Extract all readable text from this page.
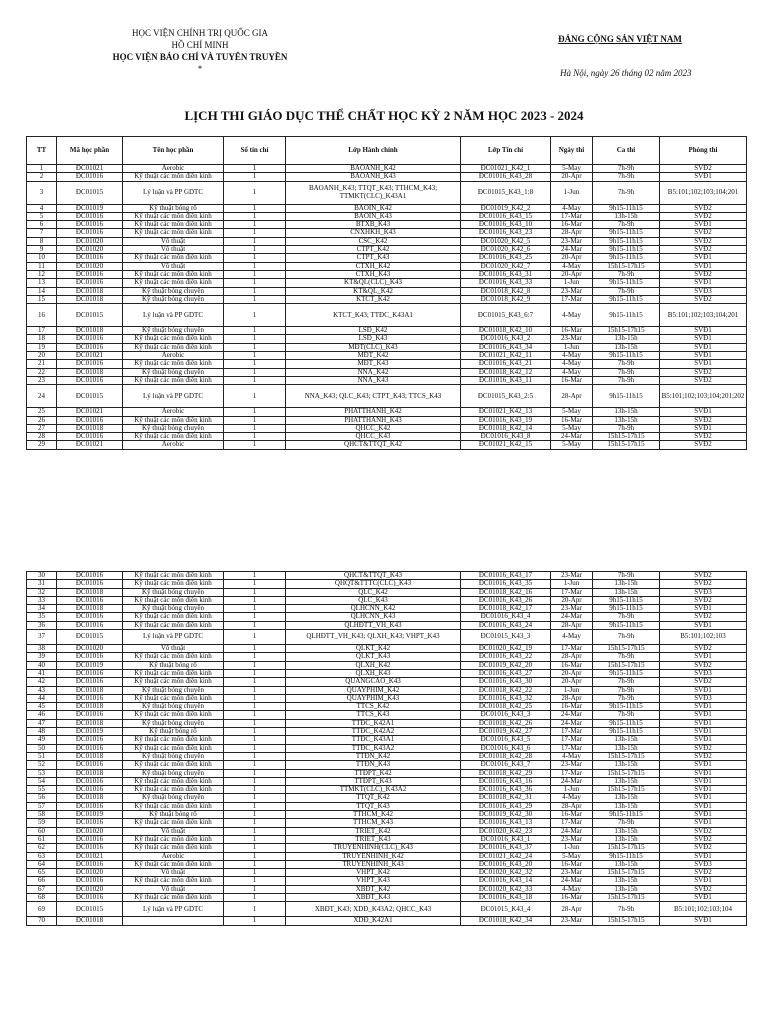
HỌC VIỆN CHÍNH TRỊ QUỐC GIA
HỒ CHÍ MINH
HỌC VIỆN BÁO CHÍ VÀ TUYÊN TRUYỀN
*
ĐẢNG CỘNG SẢN VIỆT NAM
Hà Nội, ngày 26 tháng 02 năm 2023
LỊCH THI GIÁO DỤC THỂ CHẤT HỌC KỲ 2 NĂM HỌC 2023 - 2024
TT	Mã học phần	Tên học phần	Số tín chỉ	Lớp Hành chính	Lớp Tín chỉ	Ngày thi	Ca thi	Phòng thi
1	ĐC01021	Aerobic	1	BAOANH_K42	ĐC01021_K42_1	5-May	7h-9h	SVĐ2
2	ĐC01016	Kỹ thuật các môn điền kinh	1	BAOANH_K43	ĐC01016_K43_28	20-Apr	7h-9h	SVĐ1
3	ĐC01015	Lý luận và PP GDTC	1	BAOANH_K43; TTQT_K43; TTHCM_K43; TTMKT(CLC)_K43A1	ĐC01015_K43_1:8	1-Jun	7h-9h	B5:101;102;103;104;201
4	ĐC01019	Kỹ thuật bóng rổ	1	BAOIN_K42	ĐC01019_K42_2	4-May	9h15-11h15	SVĐ2
5	ĐC01016	Kỹ thuật các môn điền kinh	1	BAOIN_K43	ĐC01016_K43_15	17-Mar	13h-15h	SVĐ2
6	ĐC01016	Kỹ thuật các môn điền kinh	1	BTXB_K43	ĐC01016_K43_10	16-Mar	7h-9h	SVĐ1
7	ĐC01016	Kỹ thuật các môn điền kinh	1	CNXHKH_K43	ĐC01016_K43_23	28-Apr	9h15-11h15	SVĐ2
8	ĐC01020	Võ thuật	1	CSC_K42	ĐC01020_K42_5	23-Mar	9h15-11h15	SVĐ2
9	ĐC01020	Võ thuật	1	CTPT_K42	ĐC01020_K42_6	24-Mar	9h15-11h15	SVĐ2
10	ĐC01016	Kỹ thuật các môn điền kinh	1	CTPT_K43	ĐC01016_K43_25	20-Apr	9h15-11h15	SVĐ1
11	ĐC01020	Võ thuật	1	CTXH_K42	ĐC01020_K42_7	4-May	15h15-17h15	SVĐ1
12	ĐC01016	Kỹ thuật các môn điền kinh	1	CTXH_K43	ĐC01016_K43_31	20-Apr	7h-9h	SVĐ2
13	ĐC01016	Kỹ thuật các môn điền kinh	1	KT&QL(CLC)_K43	ĐC01016_K43_33	1-Jun	9h15-11h15	SVĐ1
14	ĐC01018	Kỹ thuật bóng chuyền	1	KT&QL_K42	ĐC01018_K42_8	23-Mar	7h-9h	SVĐ3
15	ĐC01018	Kỹ thuật bóng chuyền	1	KTCT_K42	ĐC01018_K42_9	17-Mar	9h15-11h15	SVĐ2
16	ĐC01015	Lý luận và PP GDTC	1	KTCT_K43; TTĐC_K43A1	ĐC01015_K43_6:7	4-May	9h15-11h15	B5:101;102;103;104;201
17	ĐC01018	Kỹ thuật bóng chuyền	1	LSĐ_K42	ĐC01018_K42_10	16-Mar	15h15-17h15	SVĐ1
18	ĐC01016	Kỹ thuật các môn điền kinh	1	LSĐ_K43	ĐC01016_K43_2	23-Mar	13h-15h	SVĐ1
19	ĐC01016	Kỹ thuật các môn điền kinh	1	MĐT(CLC)_K43	ĐC01016_K43_34	1-Jun	13h-15h	SVĐ1
20	ĐC01021	Aerobic	1	MĐT_K42	ĐC01021_K42_11	4-May	9h15-11h15	SVĐ1
21	ĐC01016	Kỹ thuật các môn điền kinh	1	MĐT_K43	ĐC01016_K43_21	4-May	7h-9h	SVĐ1
22	ĐC01018	Kỹ thuật bóng chuyền	1	NNA_K42	ĐC01018_K42_12	4-May	7h-9h	SVĐ2
23	ĐC01016	Kỹ thuật các môn điền kinh	1	NNA_K43	ĐC01016_K43_11	16-Mar	7h-9h	SVĐ2
24	ĐC01015	Lý luận và PP GDTC	1	NNA_K43; QLC_K43; CTPT_K43; TTCS_K43	ĐC01015_K43_2:5	28-Apr	9h15-11h15	B5:101;102;103;104;201;202
25	ĐC01021	Aerobic	1	PHATTHANH_K42	ĐC01021_K42_13	5-May	13h-15h	SVĐ1
26	ĐC01016	Kỹ thuật các môn điền kinh	1	PHATTHANH_K43	ĐC01016_K43_19	16-Mar	13h-15h	SVĐ2
27	ĐC01018	Kỹ thuật bóng chuyền	1	QHCC_K42	ĐC01018_K42_14	5-May	7h-9h	SVĐ1
28	ĐC01016	Kỹ thuật các môn điền kinh	1	QHCC_K43	ĐC01016_K43_8	24-Mar	15h15-17h15	SVĐ2
29	ĐC01021	Aerobic	1	QHCT&TTQT_K42	ĐC01021_K42_15	5-May	15h15-17h15	SVĐ2
30	ĐC01016	Kỹ thuật các môn điền kinh	1	QHCT&TTQT_K43	ĐC01016_K43_17	23-Mar	7h-9h	SVĐ2
31	ĐC01016	Kỹ thuật các môn điền kinh	1	QHQT&TTTC(CLC)_K43	ĐC01016_K43_35	1-Jun	13h-15h	SVĐ2
32	ĐC01018	Kỹ thuật bóng chuyền	1	QLC_K42	ĐC01018_K42_16	17-Mar	13h-15h	SVĐ3
33	ĐC01016	Kỹ thuật các môn điền kinh	1	QLC_K43	ĐC01016_K43_26	20-Apr	9h15-11h15	SVĐ2
34	ĐC01018	Kỹ thuật bóng chuyền	1	QLHCNN_K42	ĐC01018_K42_17	23-Mar	9h15-11h15	SVĐ1
35	ĐC01016	Kỹ thuật các môn điền kinh	1	QLHCNN_K43	ĐC01016_K43_4	24-Mar	7h-9h	SVĐ2
36	ĐC01016	Kỹ thuật các môn điền kinh	1	QLHĐTT_VH_K43	ĐC01016_K43_24	28-Apr	9h15-11h15	SVĐ1
37	ĐC01015	Lý luận và PP GDTC	1	QLHĐTT_VH_K43; QLXH_K43; VHPT_K43	ĐC01015_K43_3	4-May	7h-9h	B5:101;102;103
38	ĐC01020	Võ thuật	1	QLKT_K42	ĐC01020_K42_19	17-Mar	15h15-17h15	SVĐ2
39	ĐC01016	Kỹ thuật các môn điền kinh	1	QLKT_K43	ĐC01016_K43_22	28-Apr	7h-9h	SVĐ1
40	ĐC01019	Kỹ thuật bóng rổ	1	QLXH_K42	ĐC01019_K42_20	16-Mar	15h15-17h15	SVĐ2
41	ĐC01016	Kỹ thuật các môn điền kinh	1	QLXH_K43	ĐC01016_K43_27	20-Apr	9h15-11h15	SVĐ3
42	ĐC01016	Kỹ thuật các môn điền kinh	1	QUANGCAO_K43	ĐC01016_K43_30	20-Apr	7h-9h	SVĐ2
43	ĐC01018	Kỹ thuật bóng chuyền	1	QUAYPHIM_K42	ĐC01018_K42_22	1-Jun	7h-9h	SVĐ1
44	ĐC01016	Kỹ thuật các môn điền kinh	1	QUAYPHIM_K43	ĐC01016_K43_32	28-Apr	7h-9h	SVĐ3
45	ĐC01018	Kỹ thuật bóng chuyền	1	TTCS_K42	ĐC01018_K42_25	16-Mar	9h15-11h15	SVĐ1
46	ĐC01016	Kỹ thuật các môn điền kinh	1	TTCS_K43	ĐC01016_K43_3	24-Mar	7h-9h	SVĐ1
47	ĐC01018	Kỹ thuật bóng chuyền	1	TTĐC_K42A1	ĐC01018_K42_26	24-Mar	9h15-11h15	SVĐ1
48	ĐC01019	Kỹ thuật bóng rổ	1	TTĐC_K42A2	ĐC01019_K42_27	17-Mar	9h15-11h15	SVĐ1
49	ĐC01016	Kỹ thuật các môn điền kinh	1	TTĐC_K43A1	ĐC01016_K43_5	17-Mar	13h-15h	SVĐ1
50	ĐC01016	Kỹ thuật các môn điền kinh	1	TTĐC_K43A2	ĐC01016_K43_6	17-Mar	13h-15h	SVĐ2
51	ĐC01018	Kỹ thuật bóng chuyền	1	TTĐN_K42	ĐC01018_K42_28	4-May	15h15-17h15	SVĐ2
52	ĐC01016	Kỹ thuật các môn điền kinh	1	TTĐN_K43	ĐC01016_K43_7	23-Mar	13h-15h	SVĐ1
53	ĐC01018	Kỹ thuật bóng chuyền	1	TTĐPT_K42	ĐC01018_K42_29	17-Mar	15h15-17h15	SVĐ1
54	ĐC01016	Kỹ thuật các môn điền kinh	1	TTĐPT_K43	ĐC01016_K43_16	24-Mar	13h-15h	SVĐ1
55	ĐC01016	Kỹ thuật các môn điền kinh	1	TTMKT(CLC)_K43A2	ĐC01016_K43_36	1-Jun	15h15-17h15	SVĐ1
56	ĐC01018	Kỹ thuật bóng chuyền	1	TTQT_K42	ĐC01018_K42_31	4-May	13h-15h	SVĐ1
57	ĐC01016	Kỹ thuật các môn điền kinh	1	TTQT_K43	ĐC01016_K43_29	28-Apr	13h-15h	SVĐ1
58	ĐC01019	Kỹ thuật bóng rổ	1	TTHCM_K42	ĐC01019_K42_30	16-Mar	9h15-11h15	SVĐ1
59	ĐC01016	Kỹ thuật các môn điền kinh	1	TTHCM_K43	ĐC01016_K43_13	17-Mar	7h-9h	SVĐ1
60	ĐC01020	Võ thuật	1	TRIET_K42	ĐC01020_K42_23	24-Mar	13h-15h	SVĐ2
61	ĐC01016	Kỹ thuật các môn điền kinh	1	TRIET_K43	ĐC01016_K43_1	23-Mar	13h-15h	SVĐ2
62	ĐC01016	Kỹ thuật các môn điền kinh	1	TRUYENHINH(CLC)_K43	ĐC01016_K43_37	1-Jun	15h15-17h15	SVĐ2
63	ĐC01021	Aerobic	1	TRUYENHINH_K42	ĐC01021_K42_24	5-May	9h15-11h15	SVĐ1
64	ĐC01016	Kỹ thuật các môn điền kinh	1	TRUYENHINH_K43	ĐC01016_K43_20	16-Mar	13h-15h	SVĐ3
65	ĐC01020	Võ thuật	1	VHPT_K42	ĐC01020_K42_32	23-Mar	15h15-17h15	SVĐ2
66	ĐC01016	Kỹ thuật các môn điền kinh	1	VHPT_K43	ĐC01016_K43_14	24-Mar	13h-15h	SVĐ1
67	ĐC01020	Võ thuật	1	XBĐT_K42	ĐC01020_K42_33	4-May	13h-15h	SVĐ2
68	ĐC01016	Kỹ thuật các môn điền kinh	1	XBĐT_K43	ĐC01016_K43_18	16-Mar	15h15-17h15	SVĐ1
69	ĐC01015	Lý luận và PP GDTC	1	XBĐT_K43; XDĐ_K43A2; QHCC_K43	ĐC01015_K43_4	28-Apr	7h-9h	B5:101;102;103;104
70	ĐC01018		1	XDĐ_K42A1	ĐC01018_K42_34	23-Mar	15h15-17h15	SVĐ1
